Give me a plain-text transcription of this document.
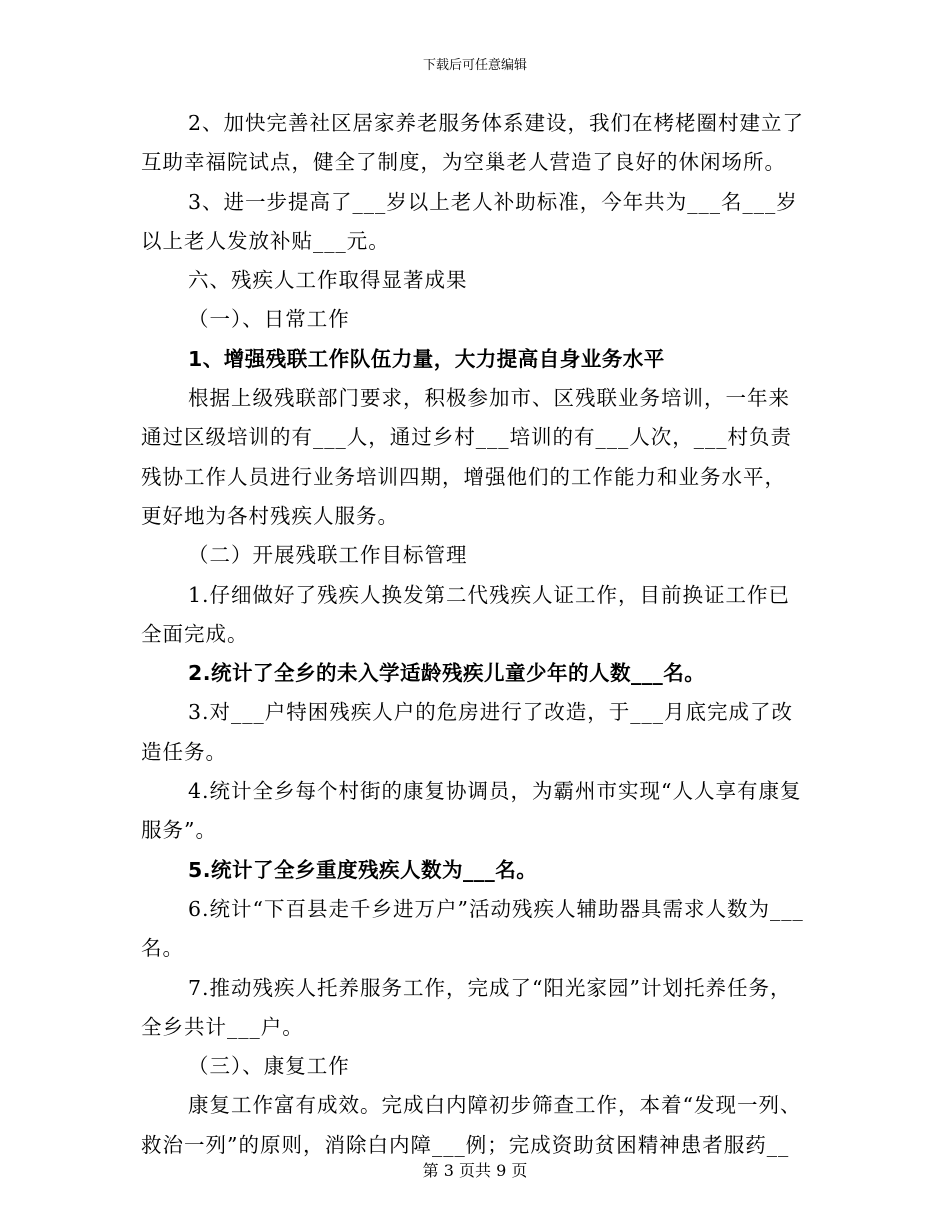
下载后可任意编辑

2、加快完善社区居家养老服务体系建设，我们在栲栳圈村建立了互助幸福院试点，健全了制度，为空巢老人营造了良好的休闲场所。

3、进一步提高了___岁以上老人补助标准，今年共为___名___岁以上老人发放补贴___元。

六、残疾人工作取得显著成果

（一）、日常工作

1、增强残联工作队伍力量，大力提高自身业务水平

根据上级残联部门要求，积极参加市、区残联业务培训，一年来通过区级培训的有___人，通过乡村___培训的有___人次，___村负责残协工作人员进行业务培训四期，增强他们的工作能力和业务水平，更好地为各村残疾人服务。

（二）开展残联工作目标管理

1.仔细做好了残疾人换发第二代残疾人证工作，目前换证工作已全面完成。

2.统计了全乡的未入学适龄残疾儿童少年的人数___名。

3.对___户特困残疾人户的危房进行了改造，于___月底完成了改造任务。

4.统计全乡每个村街的康复协调员，为霸州市实现“人人享有康复服务”。

5.统计了全乡重度残疾人数为___名。

6.统计“下百县走千乡进万户”活动残疾人辅助器具需求人数为___名。

7.推动残疾人托养服务工作，完成了“阳光家园”计划托养任务，全乡共计___户。

（三）、康复工作

康复工作富有成效。完成白内障初步筛查工作，本着“发现一列、救治一列”的原则，消除白内障___例；完成资助贫困精神患者服药__

第 3 页共 9 页
